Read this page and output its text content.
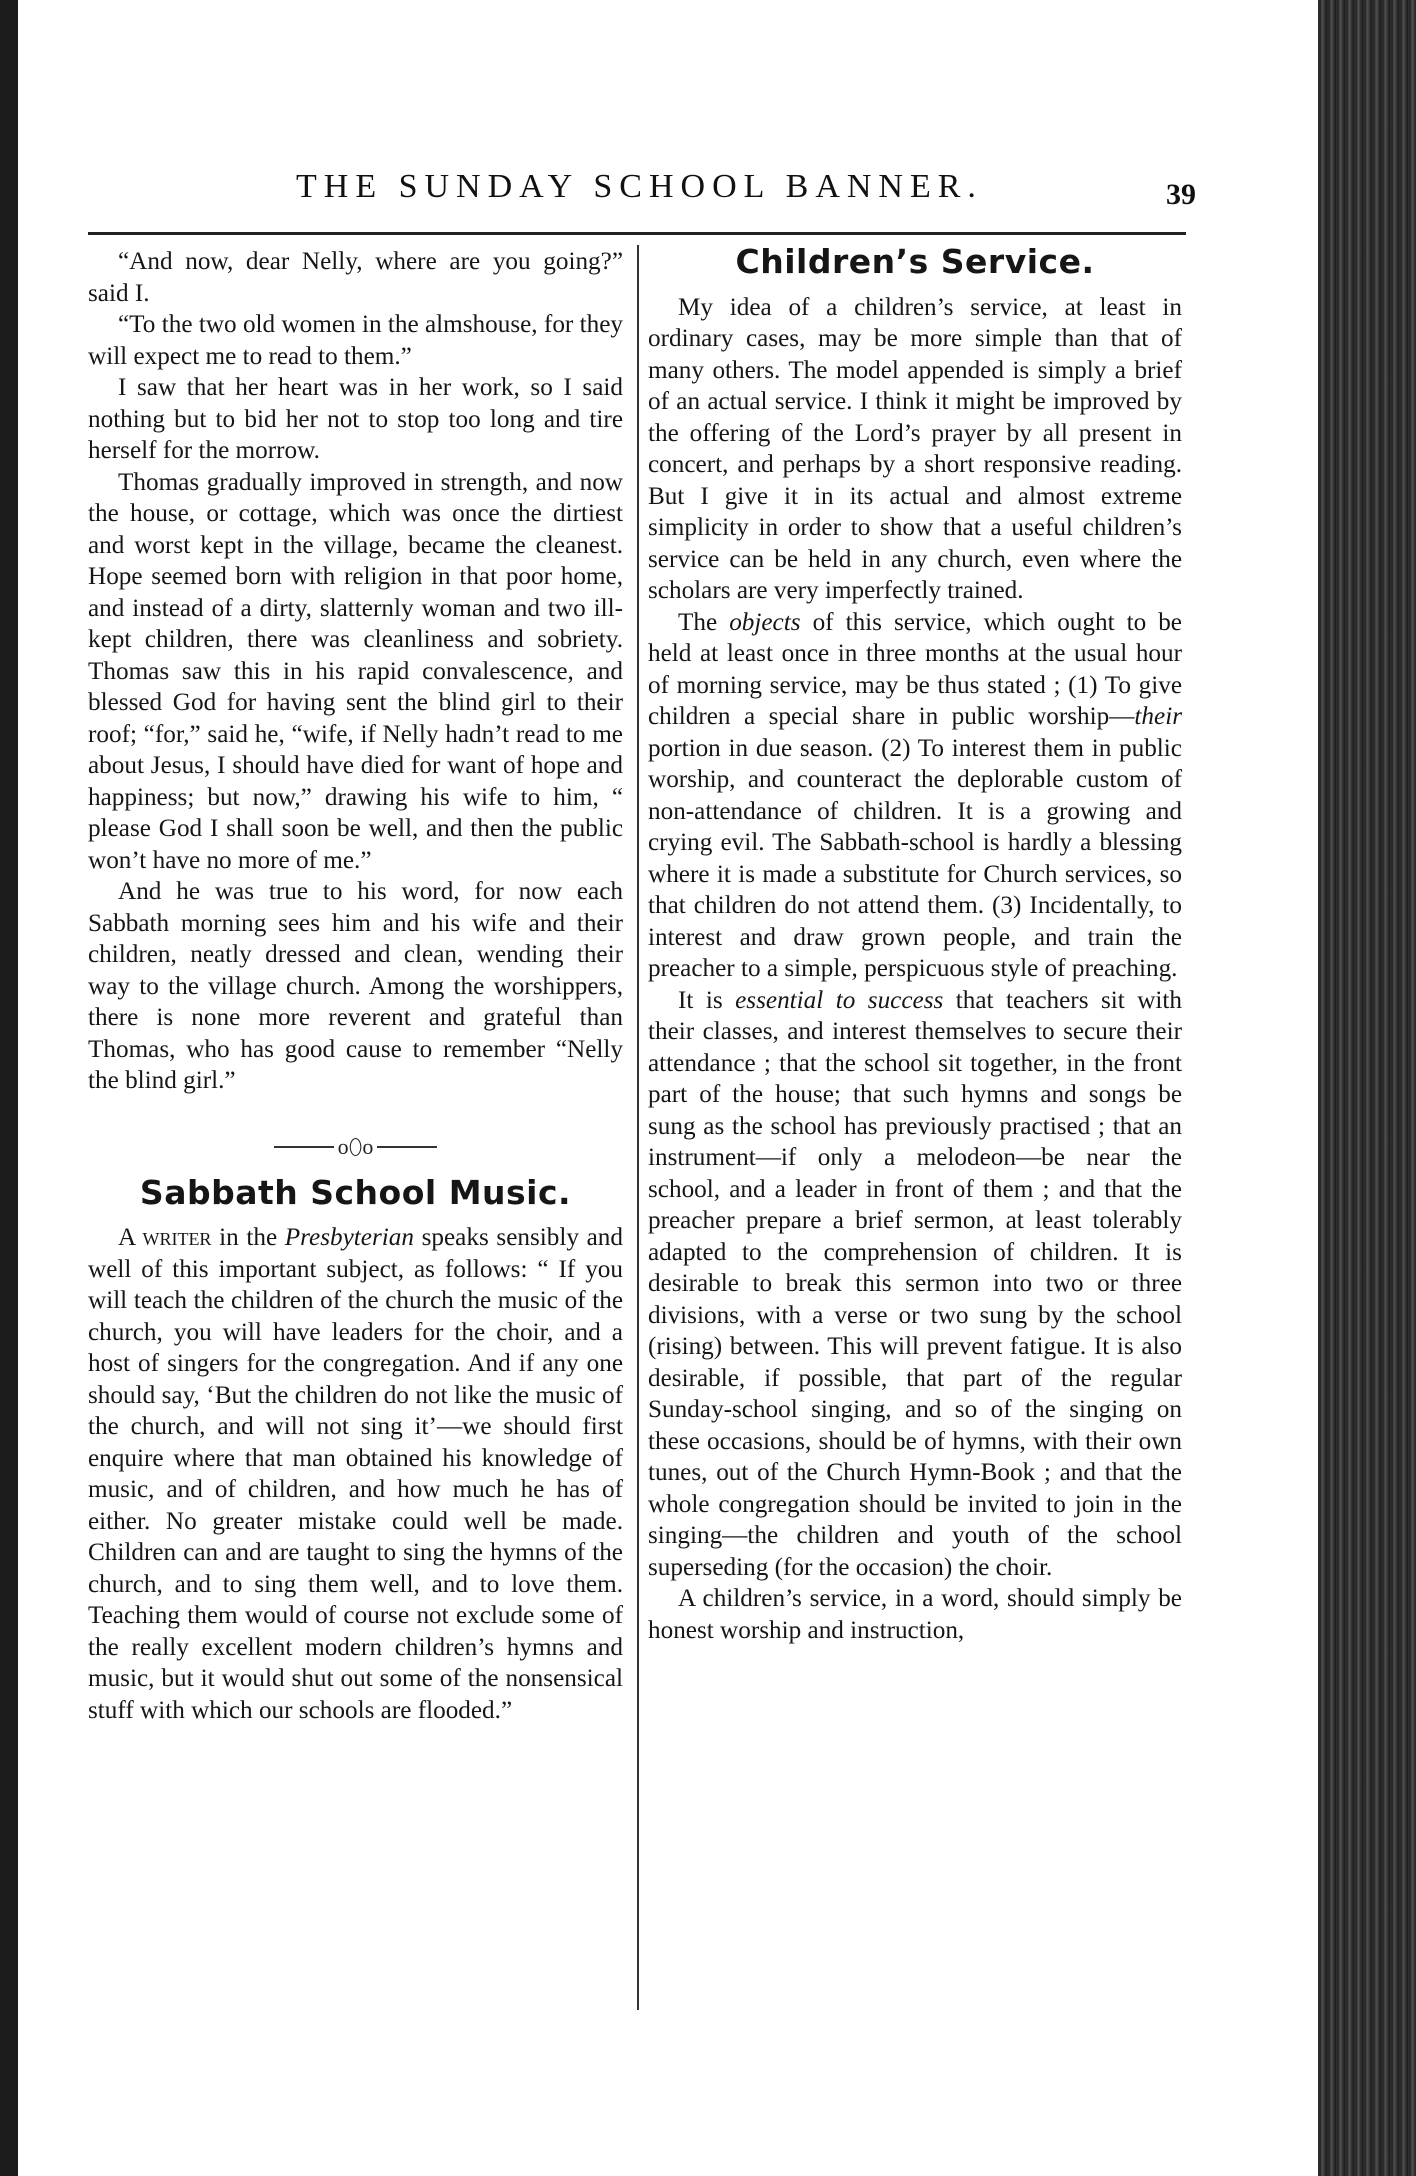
THE SUNDAY SCHOOL BANNER.	39

“And now, dear Nelly, where are you going?” said I.

“To the two old women in the almshouse, for they will expect me to read to them.”

I saw that her heart was in her work, so I said nothing but to bid her not to stop too long and tire herself for the morrow.

Thomas gradually improved in strength, and now the house, or cottage, which was once the dirtiest and worst kept in the village, became the cleanest. Hope seemed born with religion in that poor home, and instead of a dirty, slatternly woman and two ill-kept children, there was cleanliness and sobriety. Thomas saw this in his rapid convalescence, and blessed God for having sent the blind girl to their roof; “for,” said he, “wife, if Nelly hadn’t read to me about Jesus, I should have died for want of hope and happiness; but now,” drawing his wife to him, “ please God I shall soon be well, and then the public won’t have no more of me.”

And he was true to his word, for now each Sabbath morning sees him and his wife and their children, neatly dressed and clean, wending their way to the village church. Among the worshippers, there is none more reverent and grateful than Thomas, who has good cause to remember “Nelly the blind girl.”

o⬯o
Sabbath School Music.

A writer in the Presbyterian speaks sensibly and well of this important subject, as follows: “ If you will teach the children of the church the music of the church, you will have leaders for the choir, and a host of singers for the congregation. And if any one should say, ‘But the children do not like the music of the church, and will not sing it’—we should first enquire where that man obtained his knowledge of music, and of children, and how much he has of either. No greater mistake could well be made. Children can and are taught to sing the hymns of the church, and to sing them well, and to love them. Teaching them would of course not exclude some of the really excellent modern children’s hymns and music, but it would shut out some of the nonsensical stuff with which our schools are flooded.”

Children’s Service.

My idea of a children’s service, at least in ordinary cases, may be more simple than that of many others. The model appended is simply a brief of an actual service. I think it might be improved by the offering of the Lord’s prayer by all present in concert, and perhaps by a short responsive reading. But I give it in its actual and almost extreme simplicity in order to show that a useful children’s service can be held in any church, even where the scholars are very imperfectly trained.

The objects of this service, which ought to be held at least once in three months at the usual hour of morning service, may be thus stated ; (1) To give children a special share in public worship—their portion in due season. (2) To interest them in public worship, and counteract the deplorable custom of non-attendance of children. It is a growing and crying evil. The Sabbath-school is hardly a blessing where it is made a substitute for Church services, so that children do not attend them. (3) Incidentally, to interest and draw grown people, and train the preacher to a simple, perspicuous style of preaching.

It is essential to success that teachers sit with their classes, and interest themselves to secure their attendance ; that the school sit together, in the front part of the house; that such hymns and songs be sung as the school has previously practised ; that an instrument—if only a melodeon—be near the school, and a leader in front of them ; and that the preacher prepare a brief sermon, at least tolerably adapted to the comprehension of children. It is desirable to break this sermon into two or three divisions, with a verse or two sung by the school (rising) between. This will prevent fatigue. It is also desirable, if possible, that part of the regular Sunday-school singing, and so of the singing on these occasions, should be of hymns, with their own tunes, out of the Church Hymn-Book ; and that the whole congregation should be invited to join in the singing—the children and youth of the school superseding (for the occasion) the choir.

A children’s service, in a word, should simply be honest worship and instruction,
